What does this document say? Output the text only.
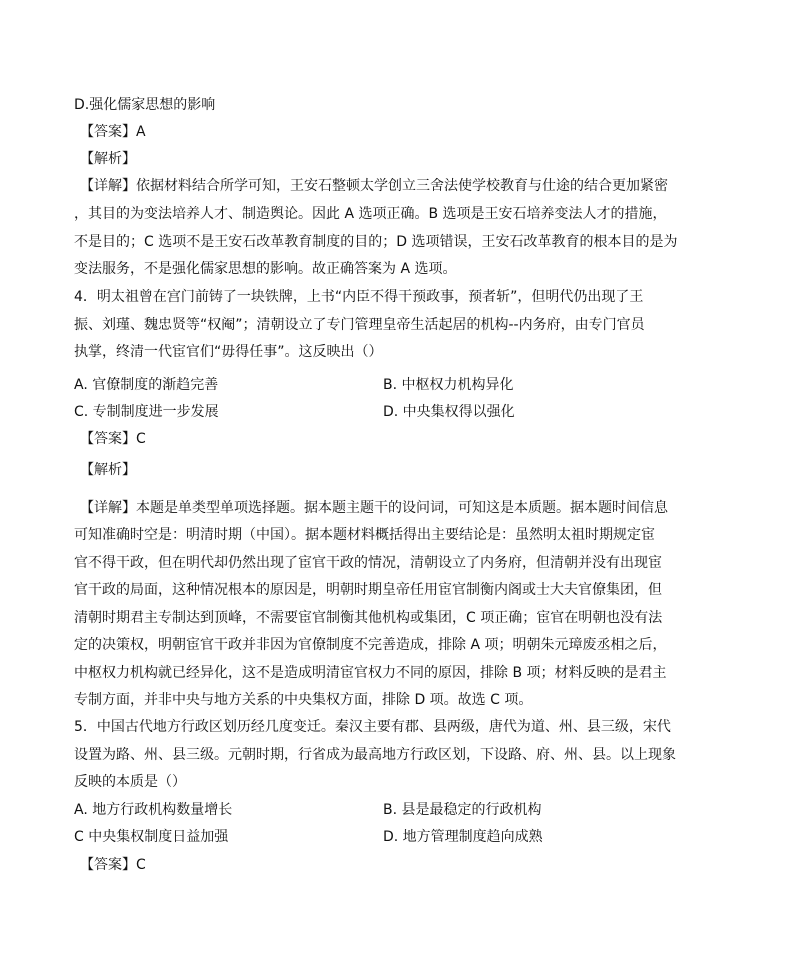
D.强化儒家思想的影响
【答案】A
【解析】
【详解】依据材料结合所学可知，王安石整顿太学创立三舍法使学校教育与仕途的结合更加紧密
，其目的为变法培养人才、制造舆论。因此 A 选项正确。B 选项是王安石培养变法人才的措施，
不是目的；C 选项不是王安石改革教育制度的目的；D 选项错误，王安石改革教育的根本目的是为
变法服务，不是强化儒家思想的影响。故正确答案为 A 选项。
4．明太祖曾在宫门前铸了一块铁牌，上书“内臣不得干预政事，预者斩”，但明代仍出现了王
振、刘瑾、魏忠贤等“权阉”；清朝设立了专门管理皇帝生活起居的机构--内务府，由专门官员
执掌，终清一代宦官们“毋得任事”。这反映出（）
A. 官僚制度的渐趋完善	B. 中枢权力机构异化
C. 专制制度进一步发展	D. 中央集权得以强化
【答案】C
【解析】
【详解】本题是单类型单项选择题。据本题主题干的设问词，可知这是本质题。据本题时间信息
可知准确时空是：明清时期（中国）。据本题材料概括得出主要结论是：虽然明太祖时期规定宦
官不得干政，但在明代却仍然出现了宦官干政的情况，清朝设立了内务府，但清朝并没有出现宦
官干政的局面，这种情况根本的原因是，明朝时期皇帝任用宦官制衡内阁或士大夫官僚集团，但
清朝时期君主专制达到顶峰，不需要宦官制衡其他机构或集团，C 项正确；宦官在明朝也没有法
定的决策权，明朝宦官干政并非因为官僚制度不完善造成，排除 A 项；明朝朱元璋废丞相之后，
中枢权力机构就已经异化，这不是造成明清宦官权力不同的原因，排除 B 项；材料反映的是君主
专制方面，并非中央与地方关系的中央集权方面，排除 D 项。故选 C 项。
5．中国古代地方行政区划历经几度变迁。秦汉主要有郡、县两级，唐代为道、州、县三级，宋代
设置为路、州、县三级。元朝时期，行省成为最高地方行政区划，下设路、府、州、县。以上现象
反映的本质是（）
A. 地方行政机构数量增长	B. 县是最稳定的行政机构
C 中央集权制度日益加强	D. 地方管理制度趋向成熟
【答案】C
